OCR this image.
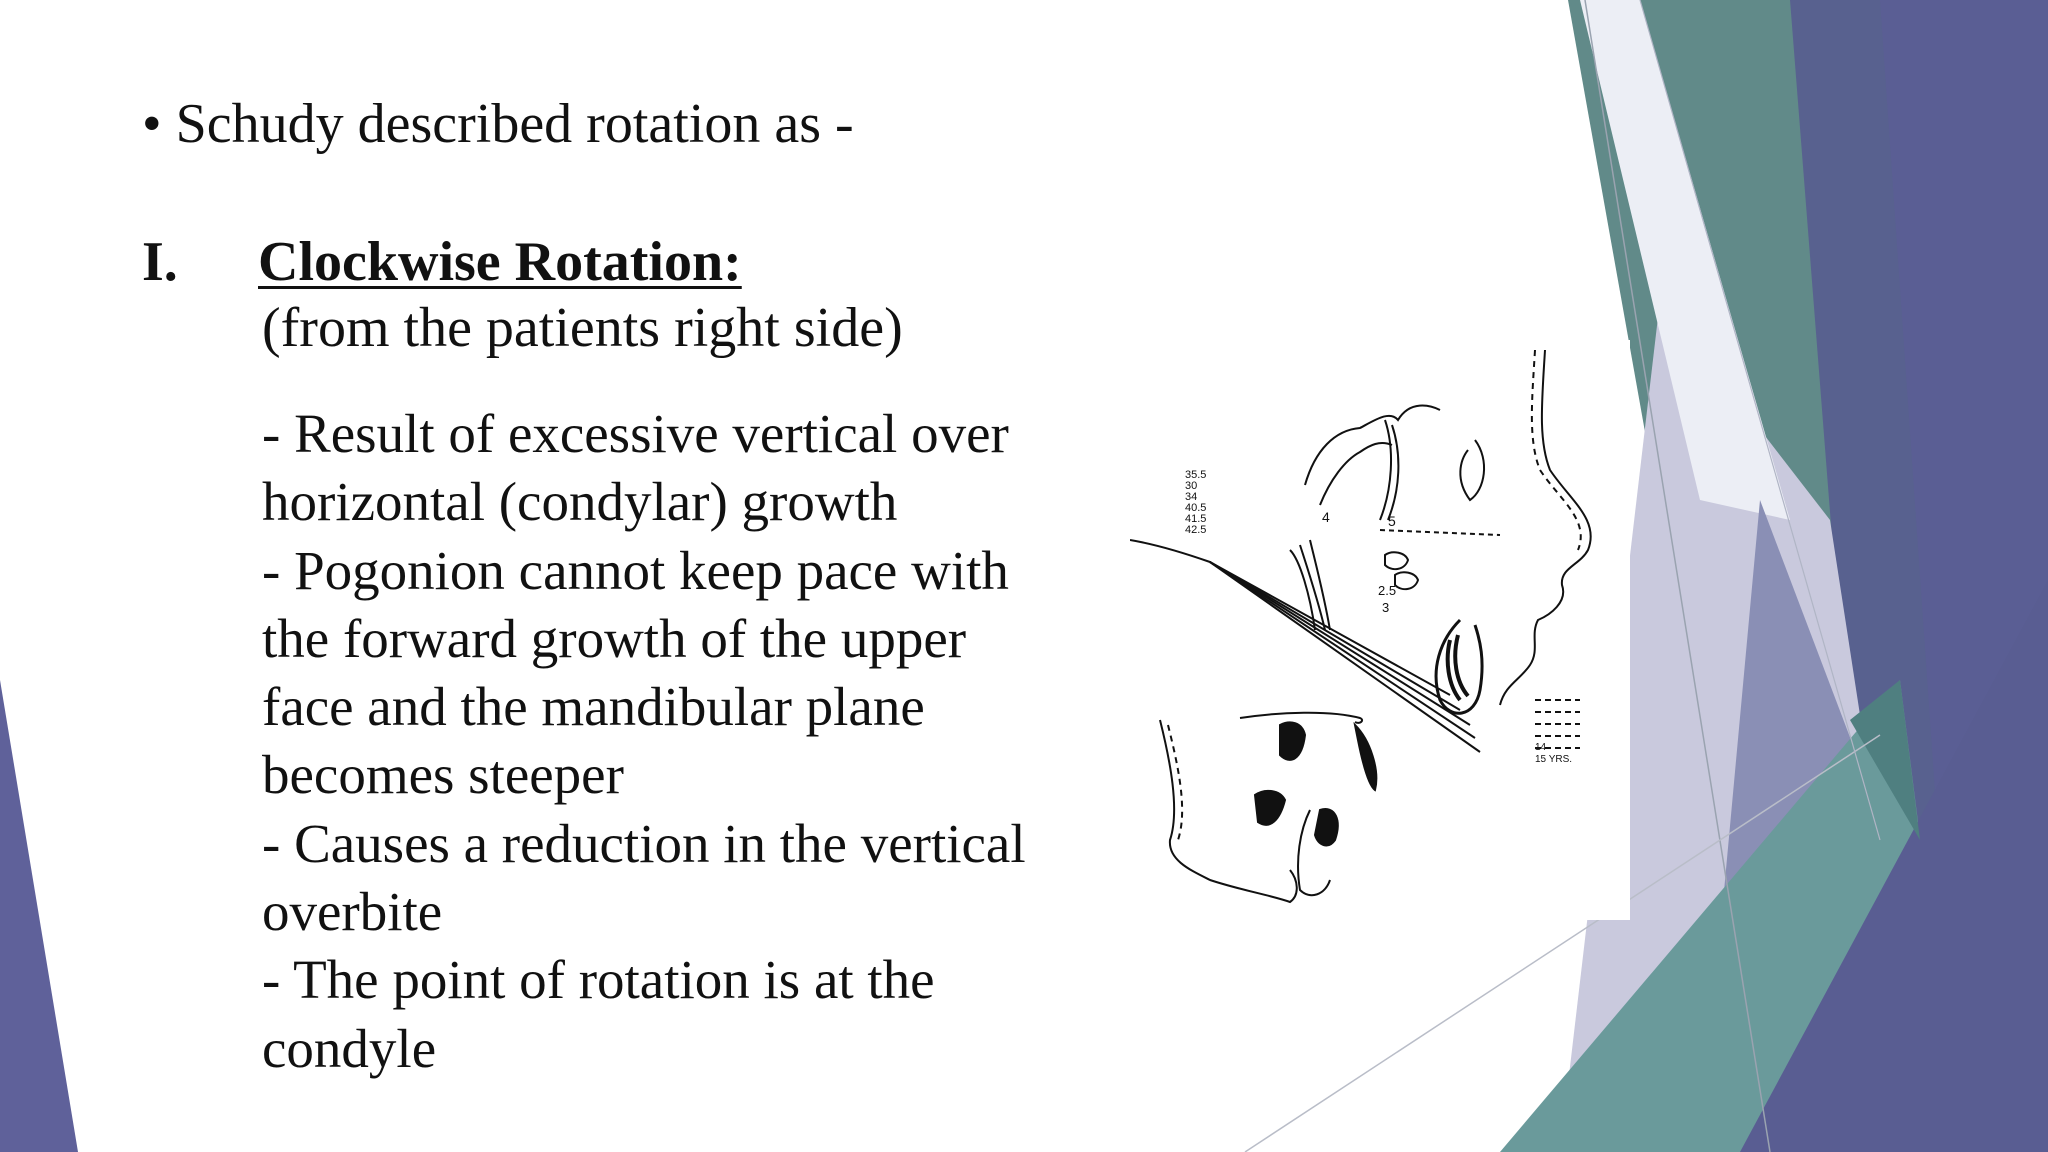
• Schudy described rotation as -
I. Clockwise Rotation:
(from the patients right side)
- Result of excessive vertical over
horizontal (condylar) growth
- Pogonion cannot keep pace with
the forward growth of the upper
face and the mandibular plane
becomes steeper
- Causes a reduction in the vertical
overbite
- The point of rotation is at the
condyle
35.5
30
34
40.5
41.5
42.5
4	5
2.5
3
14
15 YRS.
